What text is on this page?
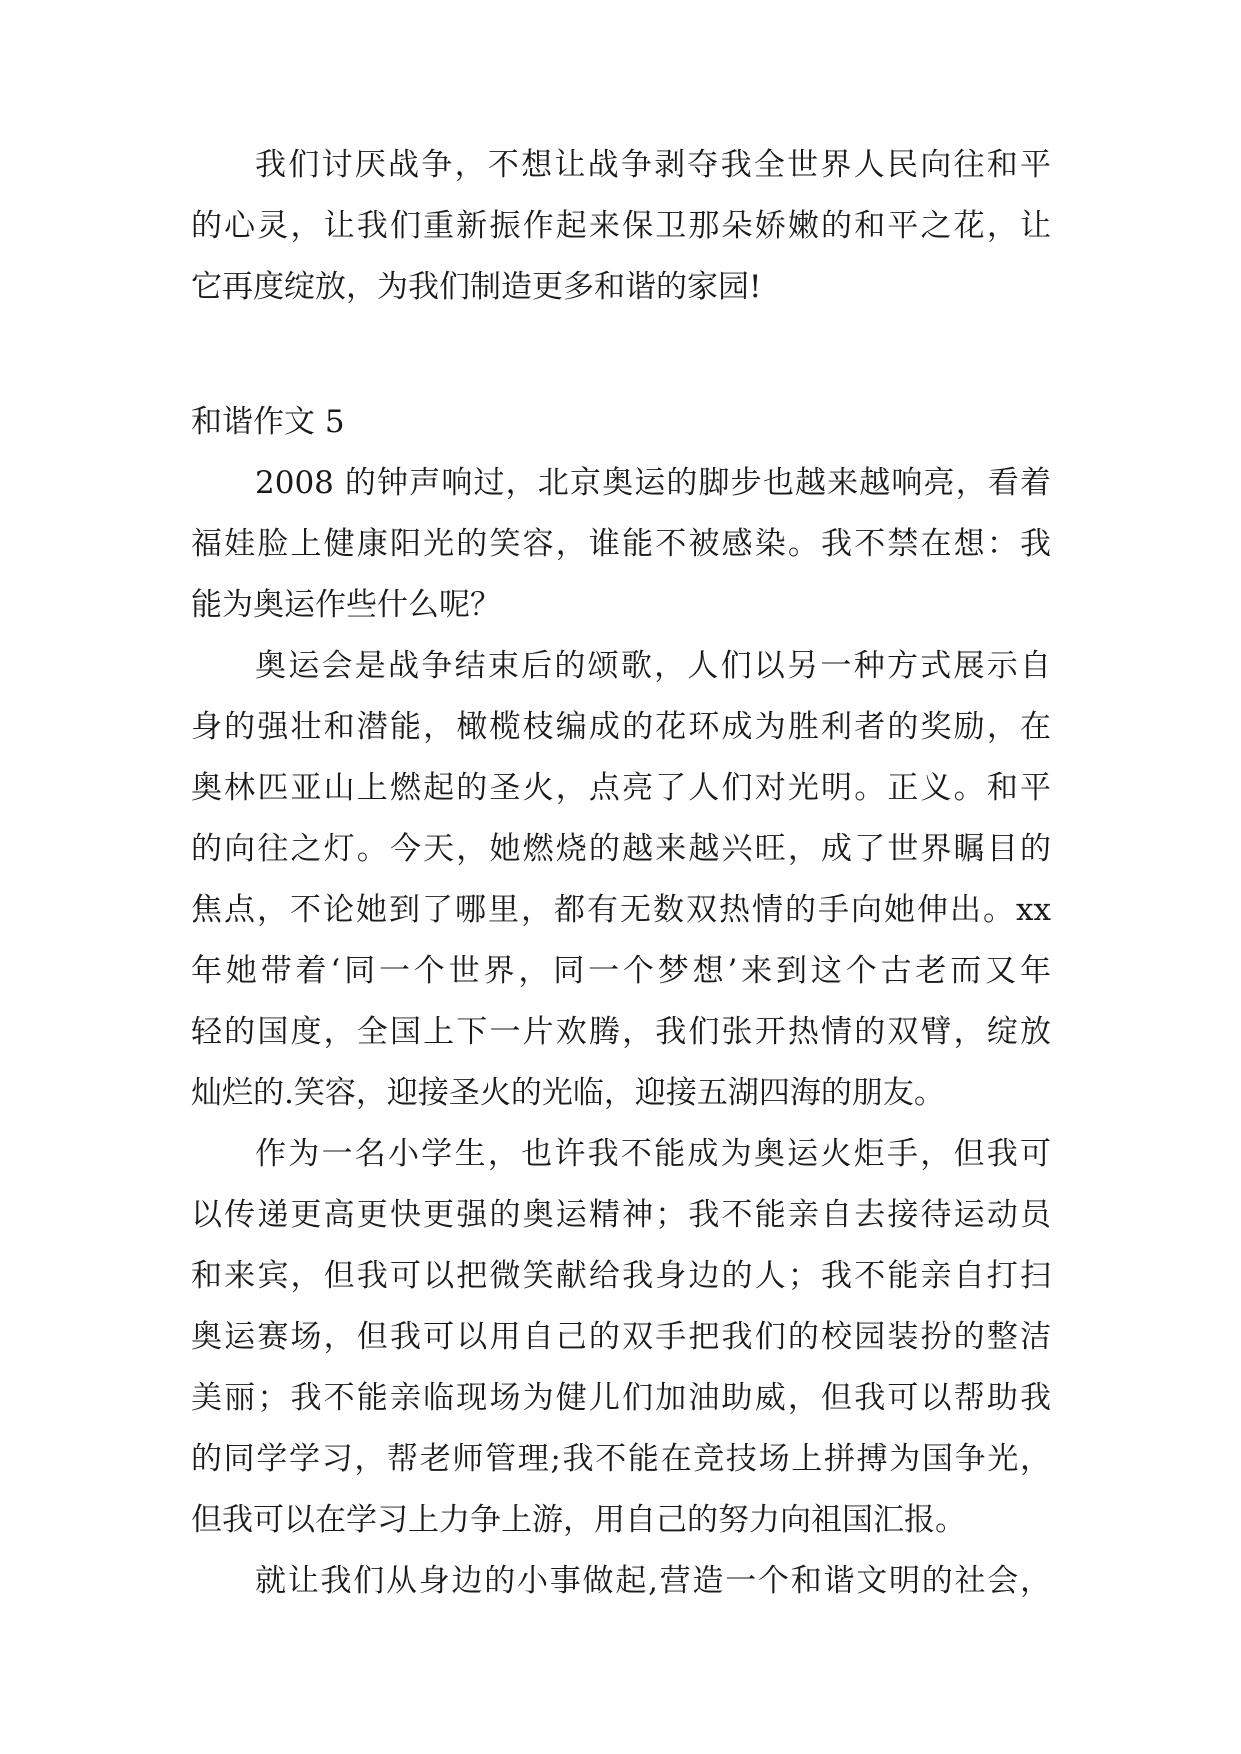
我们讨厌战争，不想让战争剥夺我全世界人民向往和平
的心灵，让我们重新振作起来保卫那朵娇嫩的和平之花，让
它再度绽放，为我们制造更多和谐的家园!
和谐作文 5
2008 的钟声响过，北京奥运的脚步也越来越响亮，看着
福娃脸上健康阳光的笑容，谁能不被感染。我不禁在想：我
能为奥运作些什么呢？
奥运会是战争结束后的颂歌，人们以另一种方式展示自
身的强壮和潜能，橄榄枝编成的花环成为胜利者的奖励，在
奥林匹亚山上燃起的圣火，点亮了人们对光明。正义。和平
的向往之灯。今天，她燃烧的越来越兴旺，成了世界瞩目的
焦点，不论她到了哪里，都有无数双热情的手向她伸出。xx
年她带着‘同一个世界，同一个梦想’来到这个古老而又年
轻的国度，全国上下一片欢腾，我们张开热情的双臂，绽放
灿烂的.笑容，迎接圣火的光临，迎接五湖四海的朋友。
作为一名小学生，也许我不能成为奥运火炬手，但我可
以传递更高更快更强的奥运精神；我不能亲自去接待运动员
和来宾，但我可以把微笑献给我身边的人；我不能亲自打扫
奥运赛场，但我可以用自己的双手把我们的校园装扮的整洁
美丽；我不能亲临现场为健儿们加油助威，但我可以帮助我
的同学学习，帮老师管理;我不能在竞技场上拼搏为国争光，
但我可以在学习上力争上游，用自己的努力向祖国汇报。
就让我们从身边的小事做起,营造一个和谐文明的社会，
